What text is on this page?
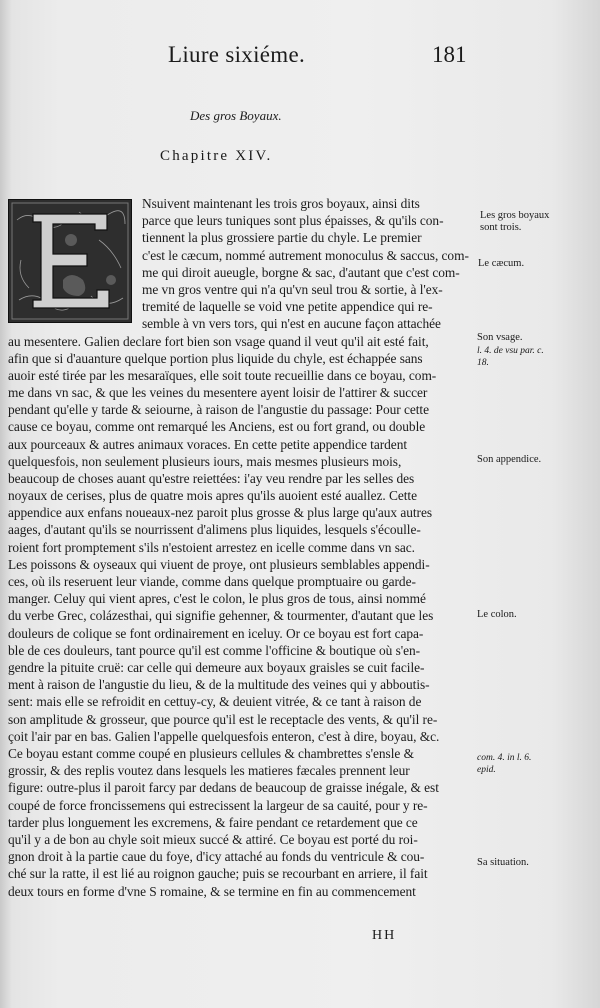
Liure sixiéme.	181
Des gros Boyaux.
Chapitre XIV.
Nsuivent maintenant les trois gros boyaux, ainsi dits
parce que leurs tuniques sont plus épaisses, & qu'ils con-
tiennent la plus grossiere partie du chyle. Le premier
c'est le cæcum, nommé autrement monoculus & saccus, com-
me qui diroit aueugle, borgne & sac, d'autant que c'est com-
me vn gros ventre qui n'a qu'vn seul trou & sortie, à l'ex-
tremité de laquelle se void vne petite appendice qui re-
semble à vn vers tors, qui n'est en aucune façon attachée
au mesentere. Galien declare fort bien son vsage quand il veut qu'il ait esté fait,
afin que si d'auanture quelque portion plus liquide du chyle, est échappée sans
auoir esté tirée par les mesaraïques, elle soit toute recueillie dans ce boyau, com-
me dans vn sac, & que les veines du mesentere ayent loisir de l'attirer & succer
pendant qu'elle y tarde & seiourne, à raison de l'angustie du passage: Pour cette
cause ce boyau, comme ont remarqué les Anciens, est ou fort grand, ou double
aux pourceaux & autres animaux voraces. En cette petite appendice tardent
quelquesfois, non seulement plusieurs iours, mais mesmes plusieurs mois,
beaucoup de choses auant qu'estre reiettées: i'ay veu rendre par les selles des
noyaux de cerises, plus de quatre mois apres qu'ils auoient esté auallez. Cette
appendice aux enfans noueaux-nez paroit plus grosse & plus large qu'aux autres
aages, d'autant qu'ils se nourrissent d'alimens plus liquides, lesquels s'écoulle-
roient fort promptement s'ils n'estoient arrestez en icelle comme dans vn sac.
Les poissons & oyseaux qui viuent de proye, ont plusieurs semblables appendi-
ces, où ils reseruent leur viande, comme dans quelque promptuaire ou garde-
manger. Celuy qui vient apres, c'est le colon, le plus gros de tous, ainsi nommé
du verbe Grec, colázesthai, qui signifie gehenner, & tourmenter, d'autant que les
douleurs de colique se font ordinairement en iceluy. Or ce boyau est fort capa-
ble de ces douleurs, tant pource qu'il est comme l'officine & boutique où s'en-
gendre la pituite cruë: car celle qui demeure aux boyaux graisles se cuit facile-
ment à raison de l'angustie du lieu, & de la multitude des veines qui y abboutis-
sent: mais elle se refroidit en cettuy-cy, & deuient vitrée, & ce tant à raison de
son amplitude & grosseur, que pource qu'il est le receptacle des vents, & qu'il re-
çoit l'air par en bas. Galien l'appelle quelquesfois enteron, c'est à dire, boyau, &c.
Ce boyau estant comme coupé en plusieurs cellules & chambrettes s'ensle &
grossir, & des replis voutez dans lesquels les matieres fæcales prennent leur
figure: outre-plus il paroit farcy par dedans de beaucoup de graisse inégale, & est
coupé de force froncissemens qui estrecissent la largeur de sa cauité, pour y re-
tarder plus longuement les excremens, & faire pendant ce retardement que ce
qu'il y a de bon au chyle soit mieux succé & attiré. Ce boyau est porté du roi-
gnon droit à la partie caue du foye, d'icy attaché au fonds du ventricule & cou-
ché sur la ratte, il est lié au roignon gauche; puis se recourbant en arriere, il fait
deux tours en forme d'vne S romaine, & se termine en fin au commencement
Les gros boyaux sont trois.
Le cæcum.
Son vsage.
l. 4. de vsu par. c. 18.
Son appendice.
Le colon.
com. 4. in l. 6. epid.
Sa situation.
HH
